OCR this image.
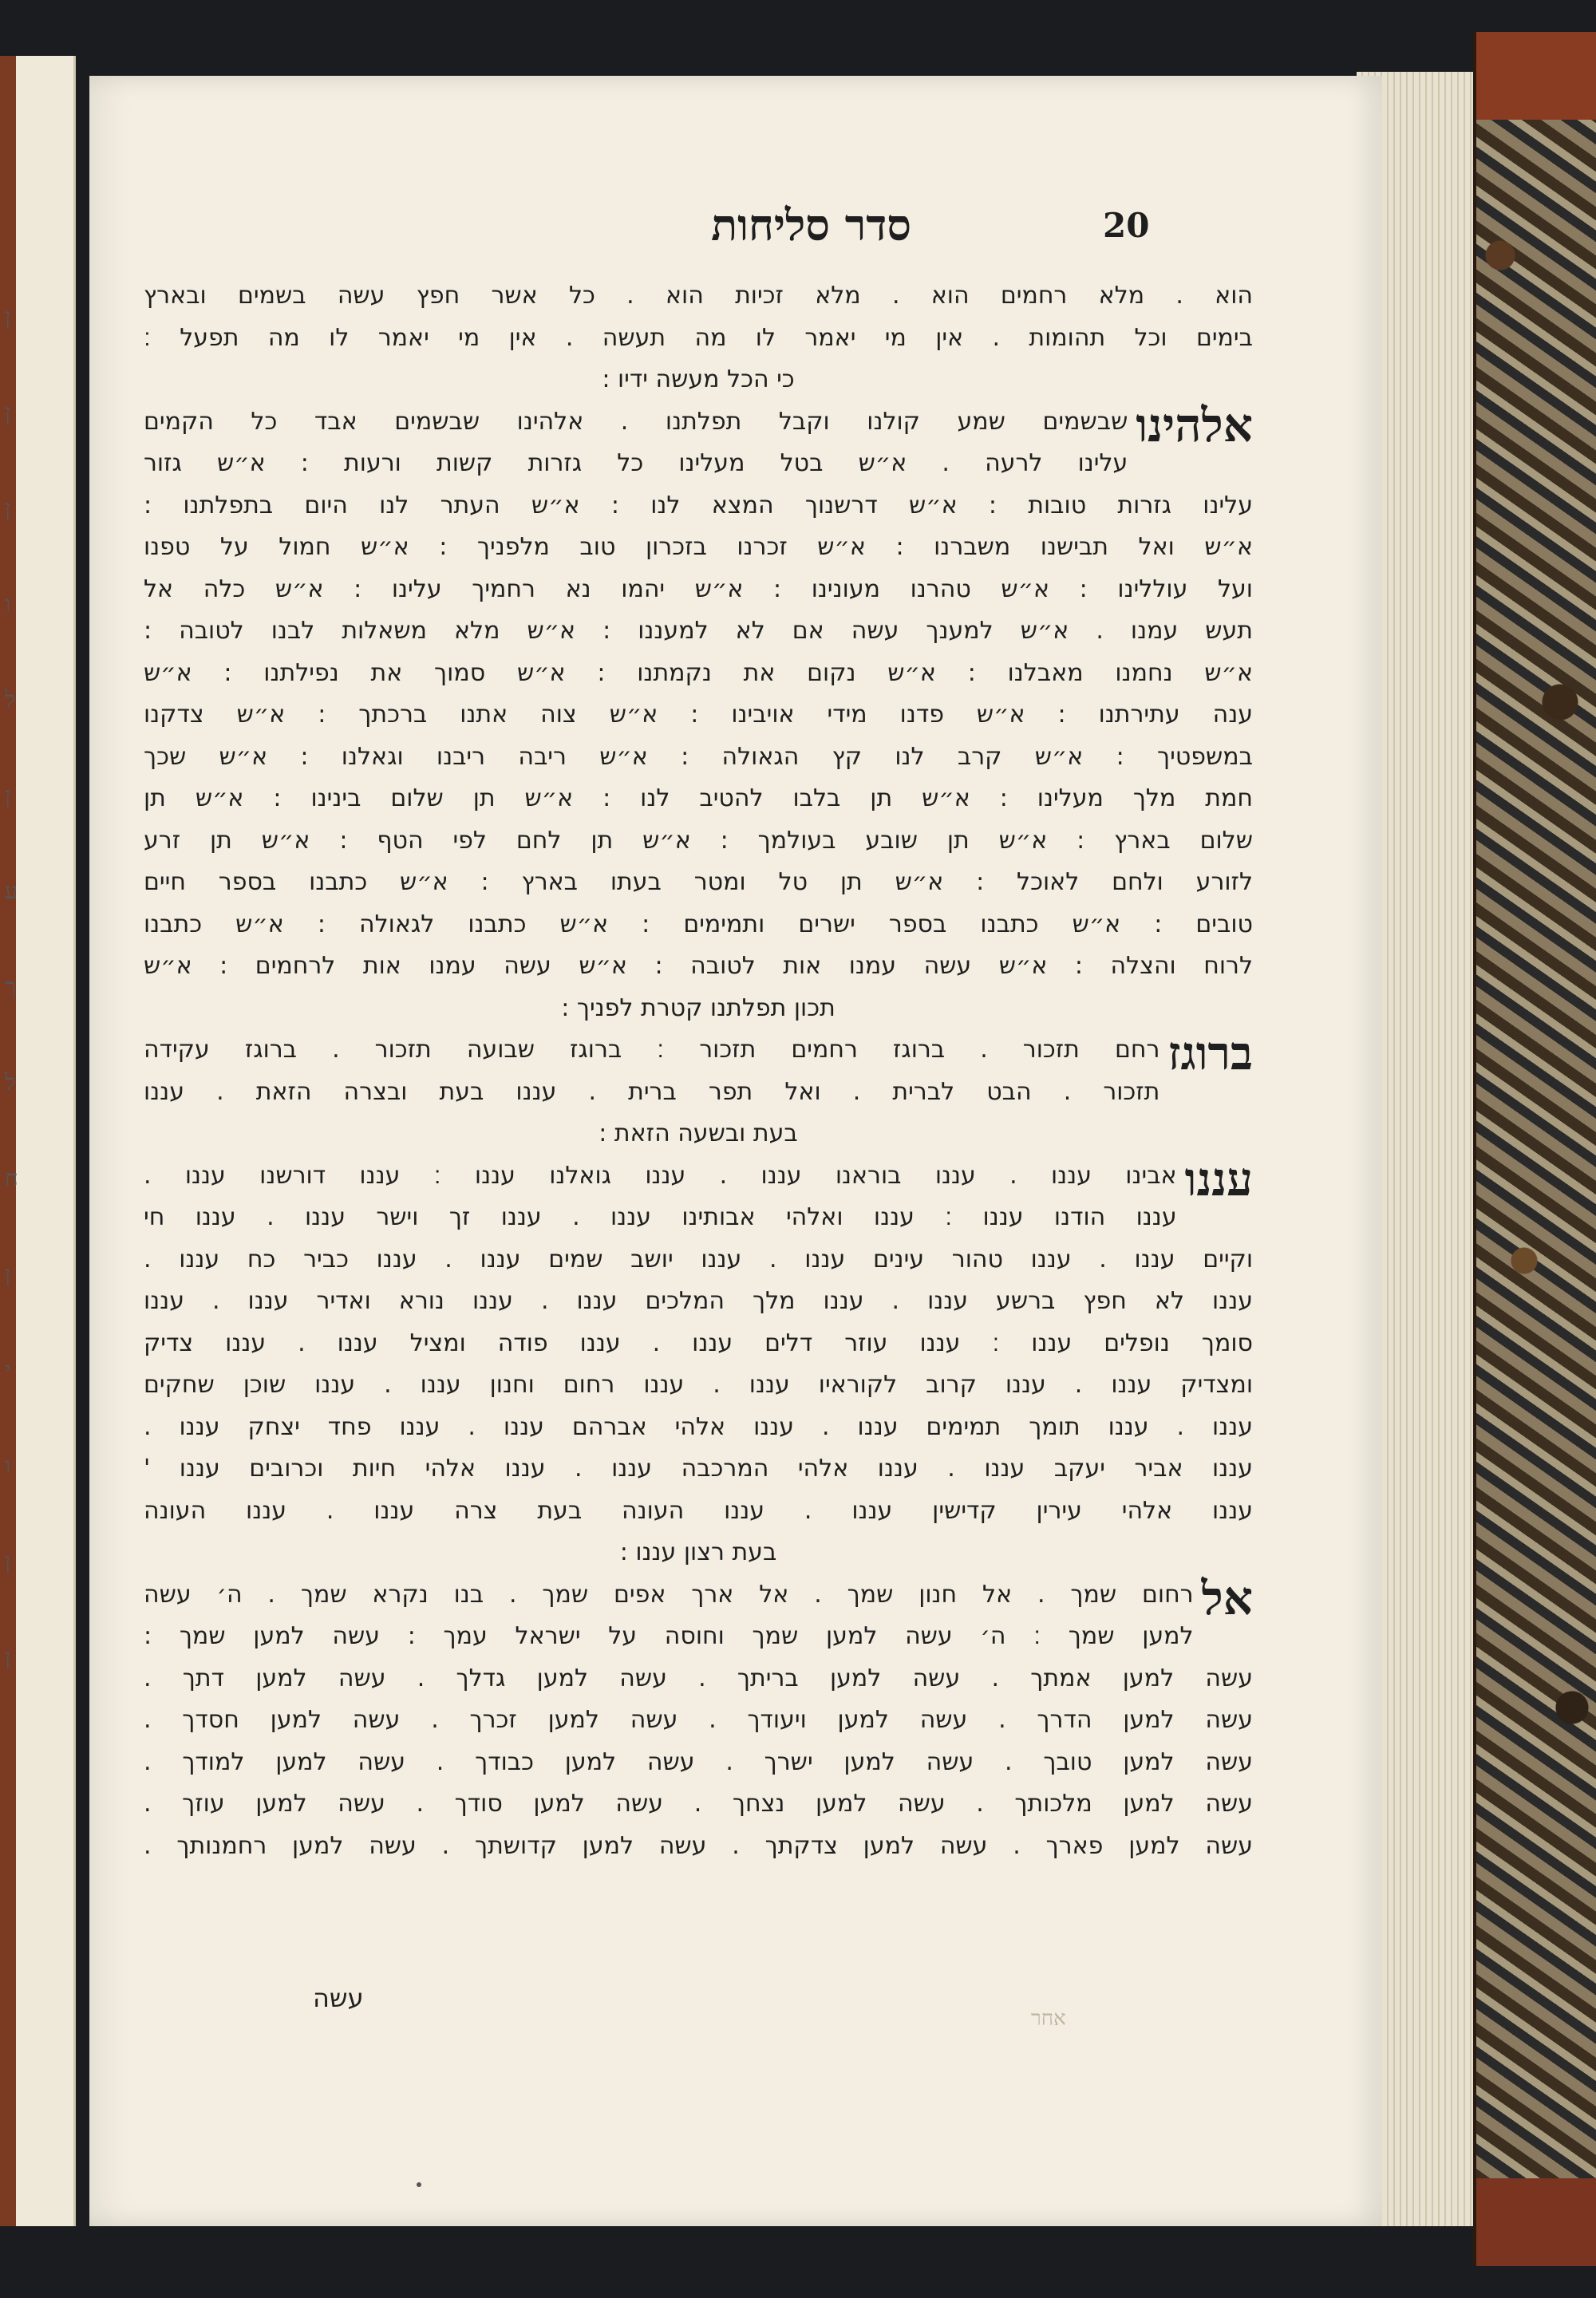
20
סדר סליחות
הוא . מלא רחמים הוא . מלא זכיות הוא . כל אשר חפץ עשה בשמים ובארץ
בימים וכל תהומות . אין מי יאמר לו מה תעשה . אין מי יאמר לו מה תפעל ׃
כי הכל מעשה ידיו :
אלהינו
שבשמים שמע קולנו וקבל תפלתנו . אלהינו שבשמים אבד כל הקמים
עלינו לרעה . א״ש בטל מעלינו כל גזרות קשות ורעות : א״ש גזור
עלינו גזרות טובות : א״ש דרשנוך המצא לנו : א״ש העתר לנו היום בתפלתנו :
א״ש ואל תבישנו משברנו : א״ש זכרנו בזכרון טוב מלפניך : א״ש חמול על טפנו
ועל עוללינו : א״ש טהרנו מעונינו : א״ש יהמו נא רחמיך עלינו : א״ש כלה אל
תעש עמנו . א״ש למענך עשה אם לא למעננו : א״ש מלא משאלות לבנו לטובה :
א״ש נחמנו מאבלנו : א״ש נקום את נקמתנו : א״ש סמוך את נפילתנו : א״ש
ענה עתירתנו : א״ש פדנו מידי אויבינו : א״ש צוה אתנו ברכתך : א״ש צדקנו
במשפטיך : א״ש קרב לנו קץ הגאולה : א״ש ריבה ריבנו וגאלנו : א״ש שכך
חמת מלך מעלינו : א״ש תן בלבו להטיב לנו : א״ש תן שלום בינינו : א״ש תן
שלום בארץ : א״ש תן שובע בעולמך : א״ש תן לחם לפי הטף : א״ש תן זרע
לזורע ולחם לאוכל : א״ש תן טל ומטר בעתו בארץ : א״ש כתבנו בספר חיים
טובים : א״ש כתבנו בספר ישרים ותמימים : א״ש כתבנו לגאולה : א״ש כתבנו
לרוח והצלה : א״ש עשה עמנו אות לטובה : א״ש עשה עמנו אות לרחמים : א״ש
תכון תפלתנו קטרת לפניך :
ברוגז
רחם תזכור . ברוגז רחמים תזכור ׃ ברוגז שבועה תזכור . ברוגז עקידה
תזכור . הבט לברית . ואל תפר ברית . עננו בעת ובצרה הזאת . עננו
בעת ובשעה הזאת :
עננו
אבינו עננו . עננו בוראנו עננו . עננו גואלנו עננו ׃ עננו דורשנו עננו .
עננו הודנו עננו ׃ עננו ואלהי אבותינו עננו . עננו זך וישר עננו . עננו חי
וקיים עננו . עננו טהור עינים עננו . עננו יושב שמים עננו . עננו כביר כח עננו .
עננו לא חפץ ברשע עננו . עננו מלך המלכים עננו . עננו נורא ואדיר עננו . עננו
סומך נופלים עננו ׃ עננו עוזר דלים עננו . עננו פודה ומציל עננו . עננו צדיק
ומצדיק עננו . עננו קרוב לקוראיו עננו . עננו רחום וחנון עננו . עננו שוכן שחקים
עננו . עננו תומך תמימים עננו . עננו אלהי אברהם עננו . עננו פחד יצחק עננו .
עננו אביר יעקב עננו . עננו אלהי המרכבה עננו . עננו אלהי חיות וכרובים עננו '
עננו אלהי עירין קדישין עננו . עננו העונה בעת צרה עננו . עננו העונה
בעת רצון עננו :
אל
רחום שמך . אל חנון שמך . אל ארך אפים שמך . בנו נקרא שמך . ה׳ עשה
למען שמך ׃ ה׳ עשה למען שמך וחוסה על ישראל עמך : עשה למען שמך :
עשה למען אמתך . עשה למען בריתך . עשה למען גדלך . עשה למען דתך .
עשה למען הדרך . עשה למען ויעודך . עשה למען זכרך . עשה למען חסדך .
עשה למען טובך . עשה למען ישרך . עשה למען כבודך . עשה למען למודך .
עשה למען מלכותך . עשה למען נצחך . עשה למען סודך . עשה למען עוזך .
עשה למען פארך . עשה למען צדקתך . עשה למען קדושתך . עשה למען רחמנותך .
עשה
אחר
ן
ן
ן
ו
ל
ן
ע
ך
ל
ח
ן
י
ו
ן
ן
